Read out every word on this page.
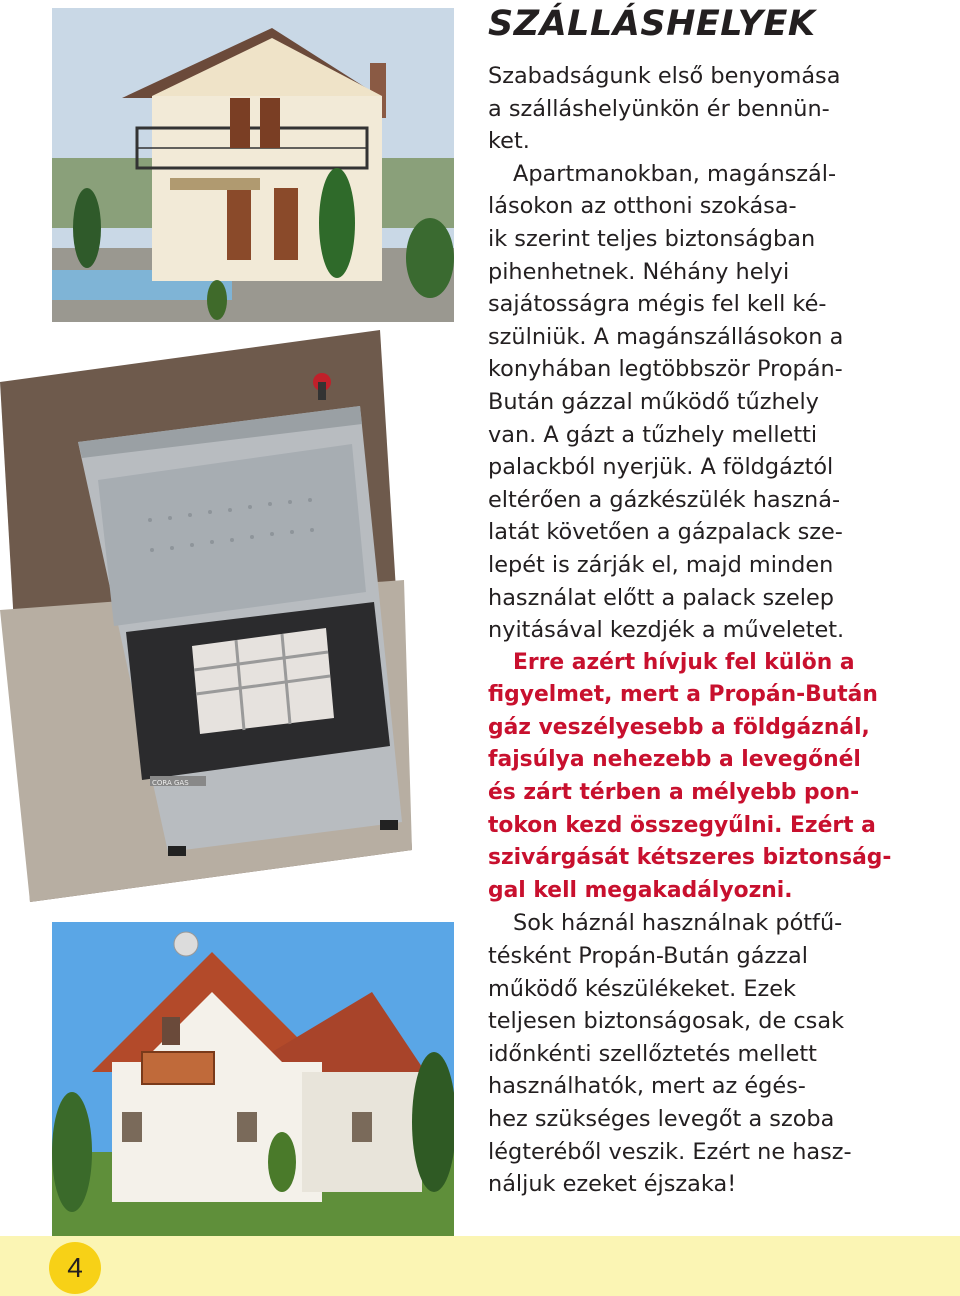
CORA GAS
SZÁLLÁSHELYEK

Szabadságunk első benyomása
a szálláshelyünkön ér bennün-
ket.

Apartmanokban, magánszál-
lásokon az otthoni szokása-
ik szerint teljes biztonságban
pihenhetnek. Néhány helyi
sajátosságra mégis fel kell ké-
szülniük. A magánszállásokon a
konyhában legtöbbször Propán-
Bután gázzal működő tűzhely
van. A gázt a tűzhely melletti
palackból nyerjük. A földgáztól
eltérően a gázkészülék haszná-
latát követően a gázpalack sze-
lepét is zárják el, majd minden
használat előtt a palack szelep
nyitásával kezdjék a műveletet.

Erre azért hívjuk fel külön a
figyelmet, mert a Propán-Bután
gáz veszélyesebb a földgáznál,
fajsúlya nehezebb a levegőnél
és zárt térben a mélyebb pon-
tokon kezd összegyűlni. Ezért a
szivárgását kétszeres biztonság-
gal kell megakadályozni.

Sok háznál használnak pótfű-
tésként Propán-Bután gázzal
működő készülékeket. Ezek
teljesen biztonságosak, de csak
időnkénti szellőztetés mellett
használhatók, mert az égés-
hez szükséges levegőt a szoba
légteréből veszik. Ezért ne hasz-
náljuk ezeket éjszaka!

4
